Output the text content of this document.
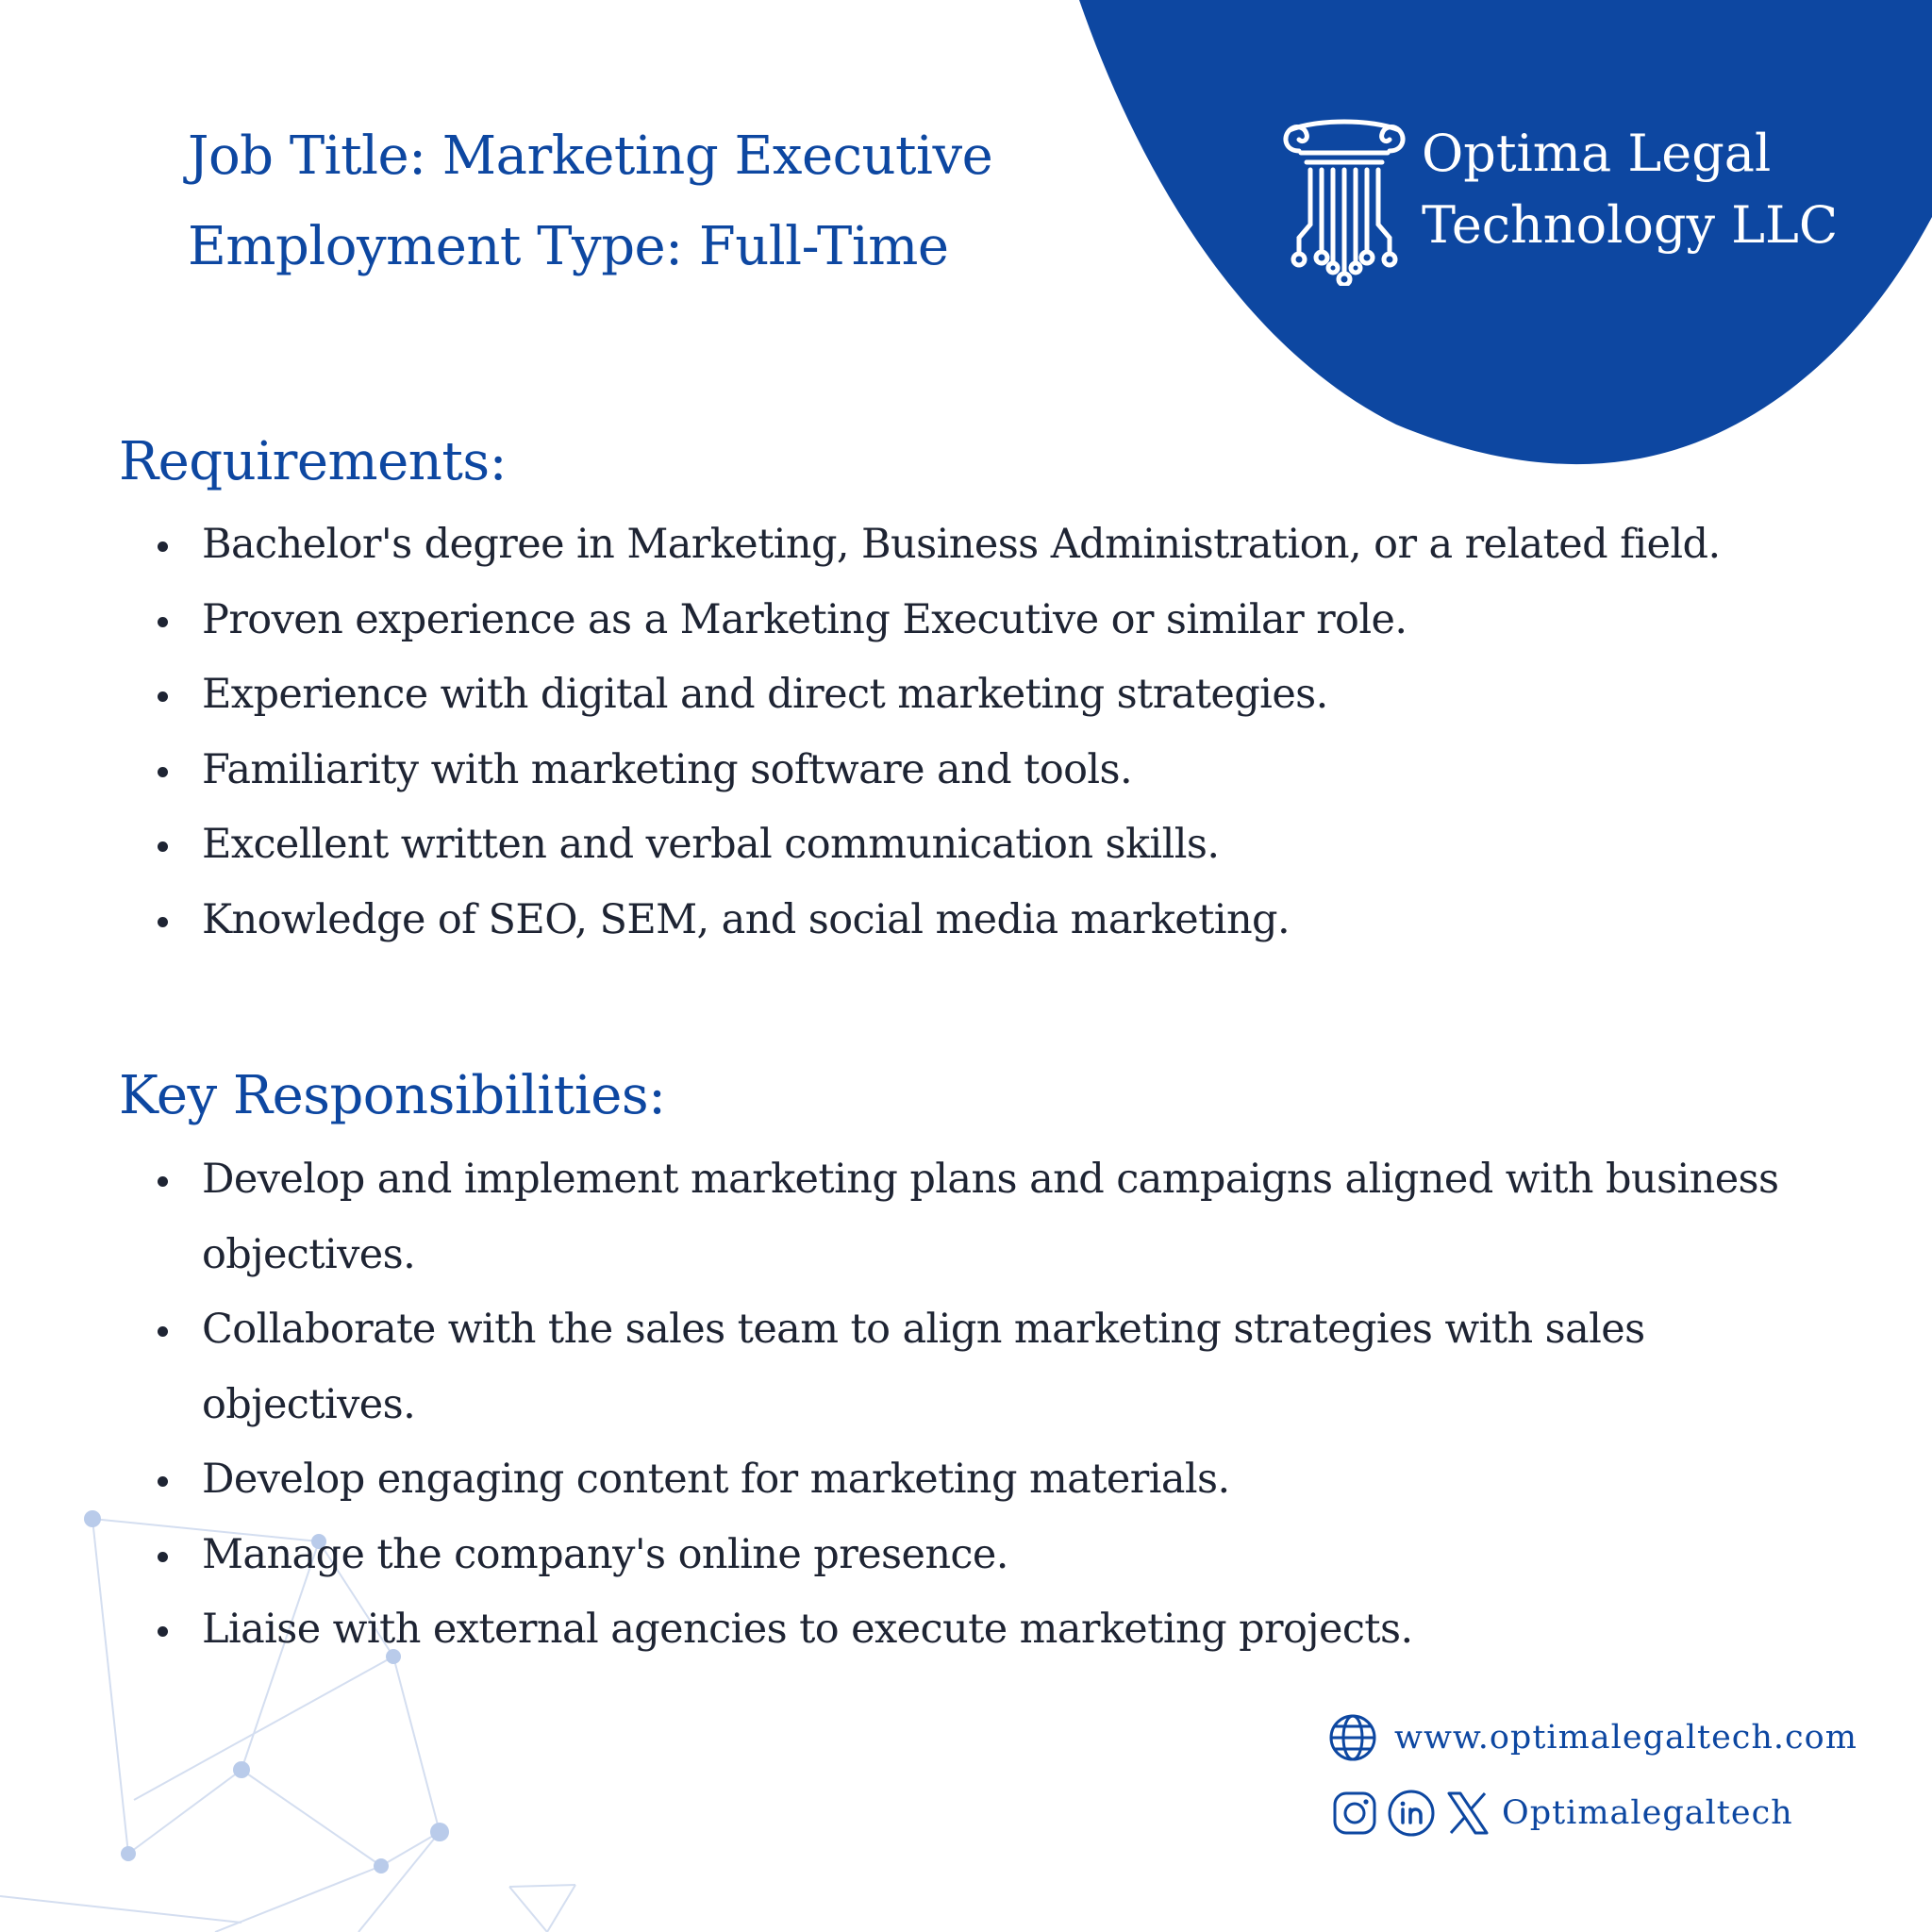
Job Title: Marketing Executive
Employment Type: Full-Time
Optima Legal
Technology LLC
Requirements:
Bachelor's degree in Marketing, Business Administration, or a related field.
Proven experience as a Marketing Executive or similar role.
Experience with digital and direct marketing strategies.
Familiarity with marketing software and tools.
Excellent written and verbal communication skills.
Knowledge of SEO, SEM, and social media marketing.
Key Responsibilities:
Develop and implement marketing plans and campaigns aligned with business objectives.
Collaborate with the sales team to align marketing strategies with sales objectives.
Develop engaging content for marketing materials.
Manage the company's online presence.
Liaise with external agencies to execute marketing projects.
www.optimalegaltech.com
Optimalegaltech
